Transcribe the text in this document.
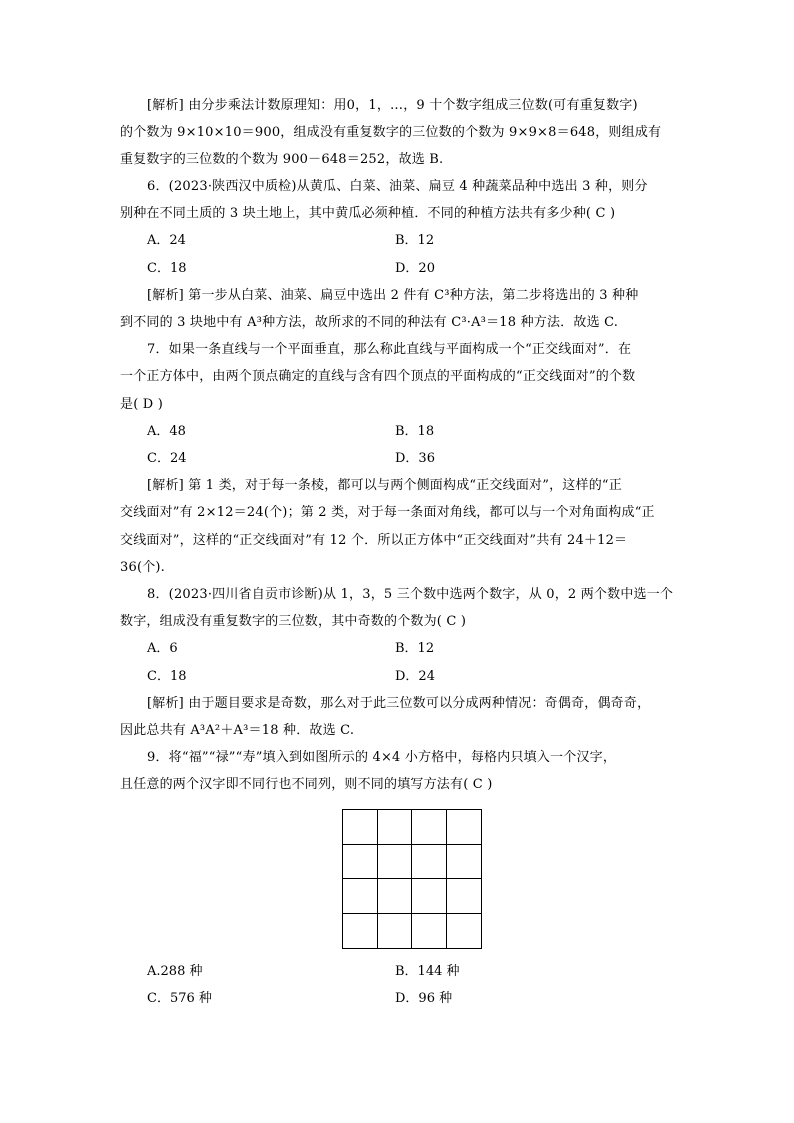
[解析] 由分步乘法计数原理知：用0，1，…，9 十个数字组成三位数(可有重复数字)
的个数为 9×10×10＝900，组成没有重复数字的三位数的个数为 9×9×8＝648，则组成有
重复数字的三位数的个数为 900－648＝252，故选 B.
6．(2023·陕西汉中质检)从黄瓜、白菜、油菜、扁豆 4 种蔬菜品种中选出 3 种，则分
别种在不同土质的 3 块土地上，其中黄瓜必须种植．不同的种植方法共有多少种( C )
A．24	B．12
C．18	D．20
[解析] 第一步从白菜、油菜、扁豆中选出 2 件有 C³种方法，第二步将选出的 3 种种
到不同的 3 块地中有 A³种方法，故所求的不同的种法有 C³·A³＝18 种方法．故选 C.
7．如果一条直线与一个平面垂直，那么称此直线与平面构成一个“正交线面对”．在
一个正方体中，由两个顶点确定的直线与含有四个顶点的平面构成的“正交线面对”的个数
是( D )
A．48	B．18
C．24	D．36
[解析] 第 1 类，对于每一条棱，都可以与两个侧面构成“正交线面对”，这样的“正
交线面对”有 2×12＝24(个)；第 2 类，对于每一条面对角线，都可以与一个对角面构成“正
交线面对”，这样的“正交线面对”有 12 个．所以正方体中“正交线面对”共有 24＋12＝
36(个).
8．(2023·四川省自贡市诊断)从 1，3，5 三个数中选两个数字，从 0，2 两个数中选一个
数字，组成没有重复数字的三位数，其中奇数的个数为( C )
A．6	B．12
C．18	D．24
[解析] 由于题目要求是奇数，那么对于此三位数可以分成两种情况：奇偶奇，偶奇奇，
因此总共有 A³A²＋A³＝18 种．故选 C.
9．将“福”“禄”“寿”填入到如图所示的 4×4 小方格中，每格内只填入一个汉字，
且任意的两个汉字即不同行也不同列，则不同的填写方法有( C )
A.288 种	B．144 种
C．576 种	D．96 种
